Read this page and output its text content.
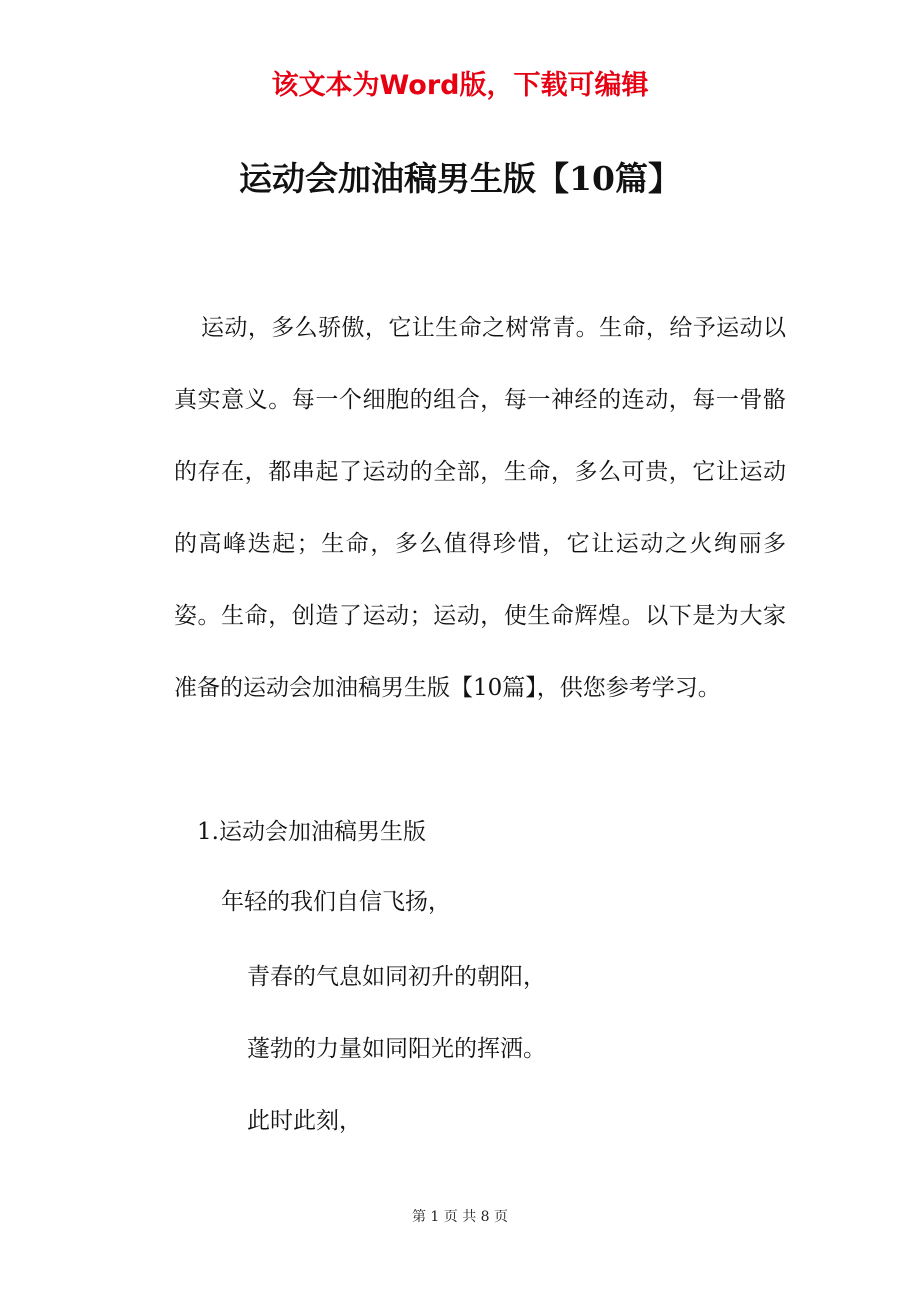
该文本为Word版，下载可编辑
运动会加油稿男生版【10篇】

运动，多么骄傲，它让生命之树常青。生命，给予运动以真实意义。每一个细胞的组合，每一神经的连动，每一骨骼的存在，都串起了运动的全部，生命，多么可贵，它让运动的高峰迭起；生命，多么值得珍惜，它让运动之火绚丽多姿。生命，创造了运动；运动，使生命辉煌。以下是为大家准备的运动会加油稿男生版【10篇】，供您参考学习。

1.运动会加油稿男生版

年轻的我们自信飞扬，

青春的气息如同初升的朝阳，

蓬勃的力量如同阳光的挥洒。

此时此刻，

第 1 页 共 8 页
